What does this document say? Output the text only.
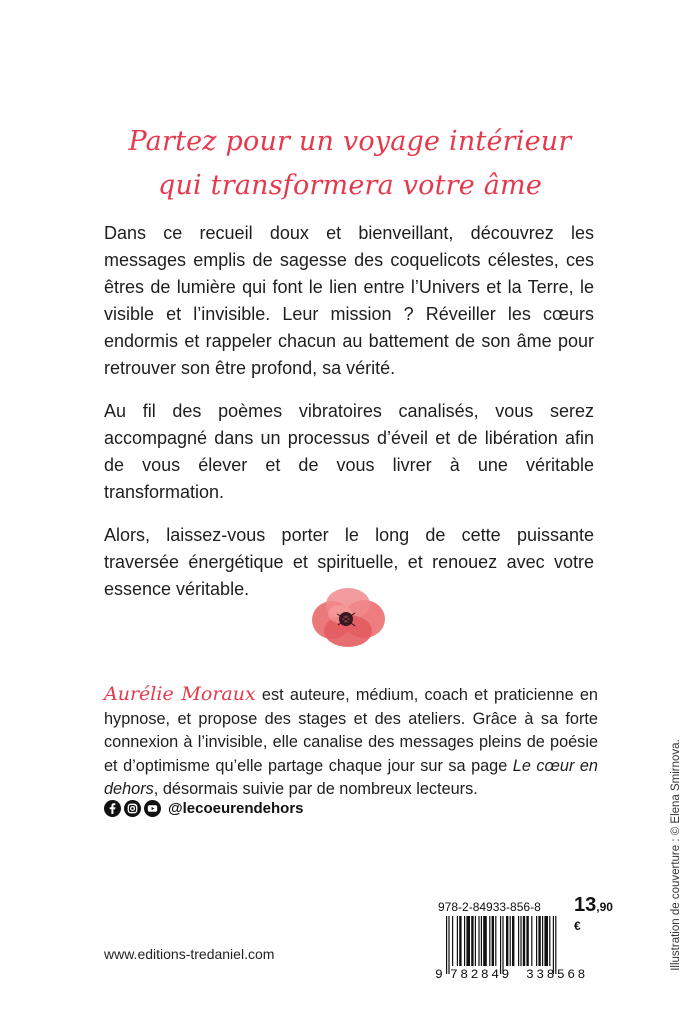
Partez pour un voyage intérieur
qui transformera votre âme

Dans ce recueil doux et bienveillant, découvrez les messages emplis de sagesse des coquelicots célestes, ces êtres de lumière qui font le lien entre l’Univers et la Terre, le visible et l’invisible. Leur mission ? Réveiller les cœurs endormis et rappeler chacun au battement de son âme pour retrouver son être profond, sa vérité.

Au fil des poèmes vibratoires canalisés, vous serez accompagné dans un processus d’éveil et de libération afin de vous élever et de vous livrer à une véritable transformation.

Alors, laissez-vous porter le long de cette puissante traversée énergétique et spirituelle, et renouez avec votre essence véritable.

Aurélie Moraux est auteure, médium, coach et praticienne en hypnose, et propose des stages et des ateliers. Grâce à sa forte connexion à l’invisible, elle canalise des messages pleins de poésie et d’optimisme qu’elle partage chaque jour sur sa page Le cœur en dehors, désormais suivie par de nombreux lecteurs.
@lecoeurendehors	Illustration de couverture : © Elena Smirnova.
978-2-84933-856-8 13,90 €
9 782849 338568
www.editions-tredaniel.com
